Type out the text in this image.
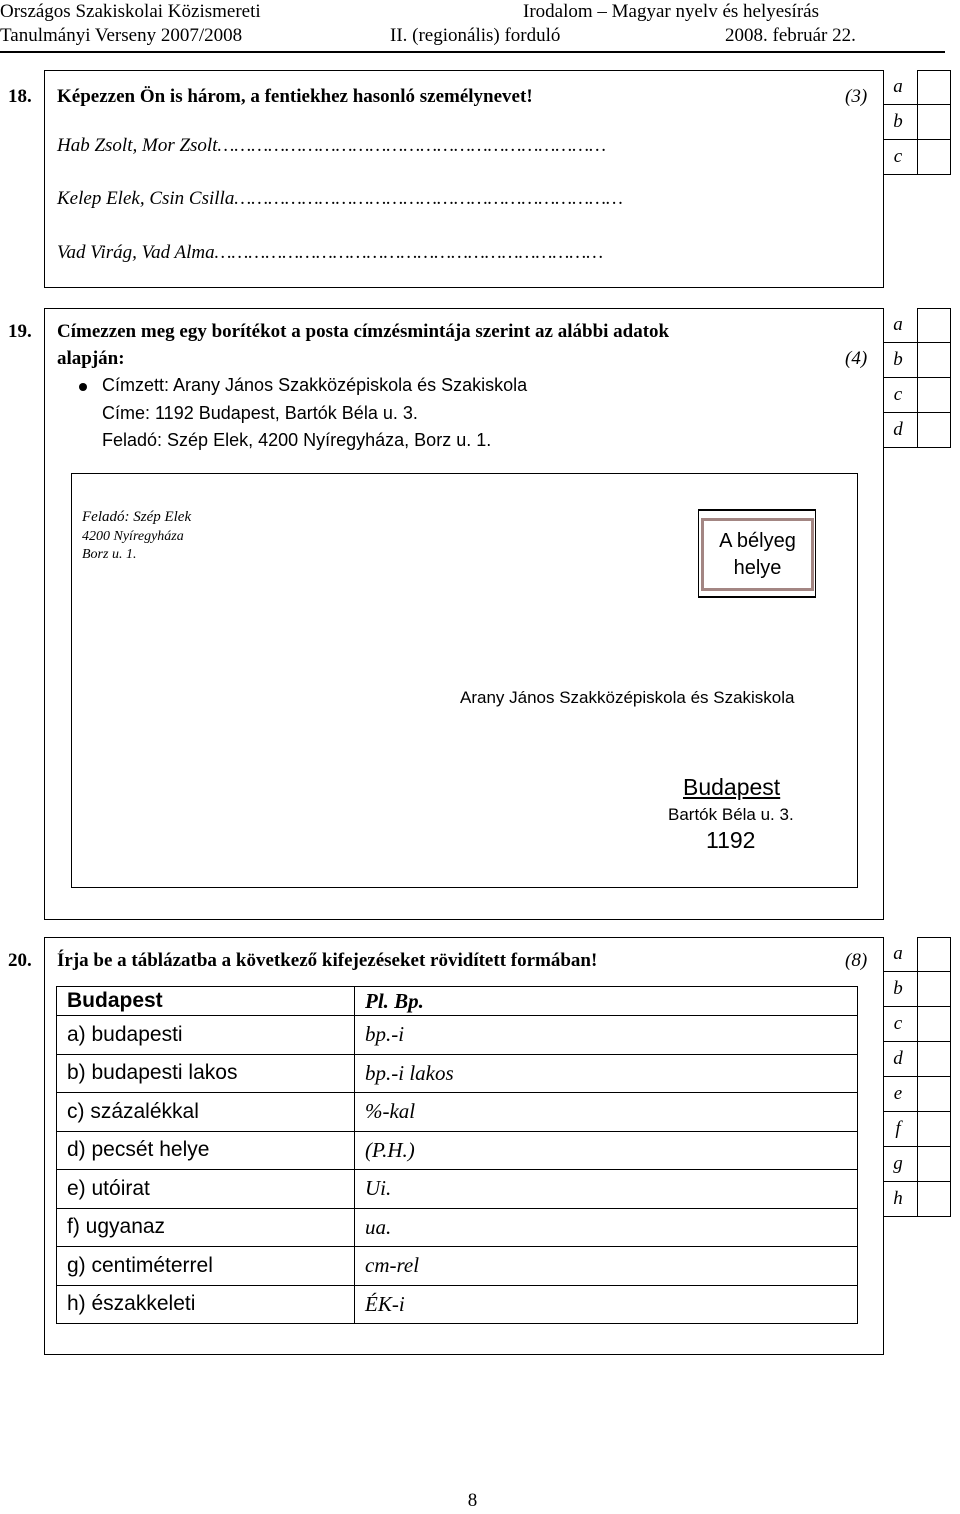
Országos Szakiskolai Közismereti
Tanulmányi Verseny 2007/2008
Irodalom – Magyar nyelv és helyesírás
II. (regionális) forduló	2008. február 22.
18. Képezzen Ön is három, a fentiekhez hasonló személynevet!	(3)
Hab Zsolt, Mor Zsolt……………………………………………………………
Kelep Elek, Csin Csilla……………………………………………………………
Vad Virág, Vad Alma……………………………………………………………
a
b
c
19. Címezzen meg egy borítékot a posta címzésmintája szerint az alábbi adatok
alapján:	(4)
Címzett: Arany János Szakközépiskola és Szakiskola
Címe: 1192 Budapest, Bartók Béla u. 3.
Feladó: Szép Elek, 4200 Nyíregyháza, Borz u. 1.
a
b
c
d
Feladó: Szép Elek
4200 Nyíregyháza
Borz u. 1.
A bélyeg
helye
Arany János Szakközépiskola és Szakiskola
Budapest
Bartók Béla u. 3.
1192
20. Írja be a táblázatba a következő kifejezéseket rövidített formában!	(8)	a
b
c
d
e
f
g
h
Budapest	Pl. Bp.
a) budapesti	bp.-i
b) budapesti lakos	bp.-i lakos
c) százalékkal	%-kal
d) pecsét helye	(P.H.)
e) utóirat	Ui.
f) ugyanaz	ua.
g) centiméterrel	cm-rel
h) északkeleti	ÉK-i
8
